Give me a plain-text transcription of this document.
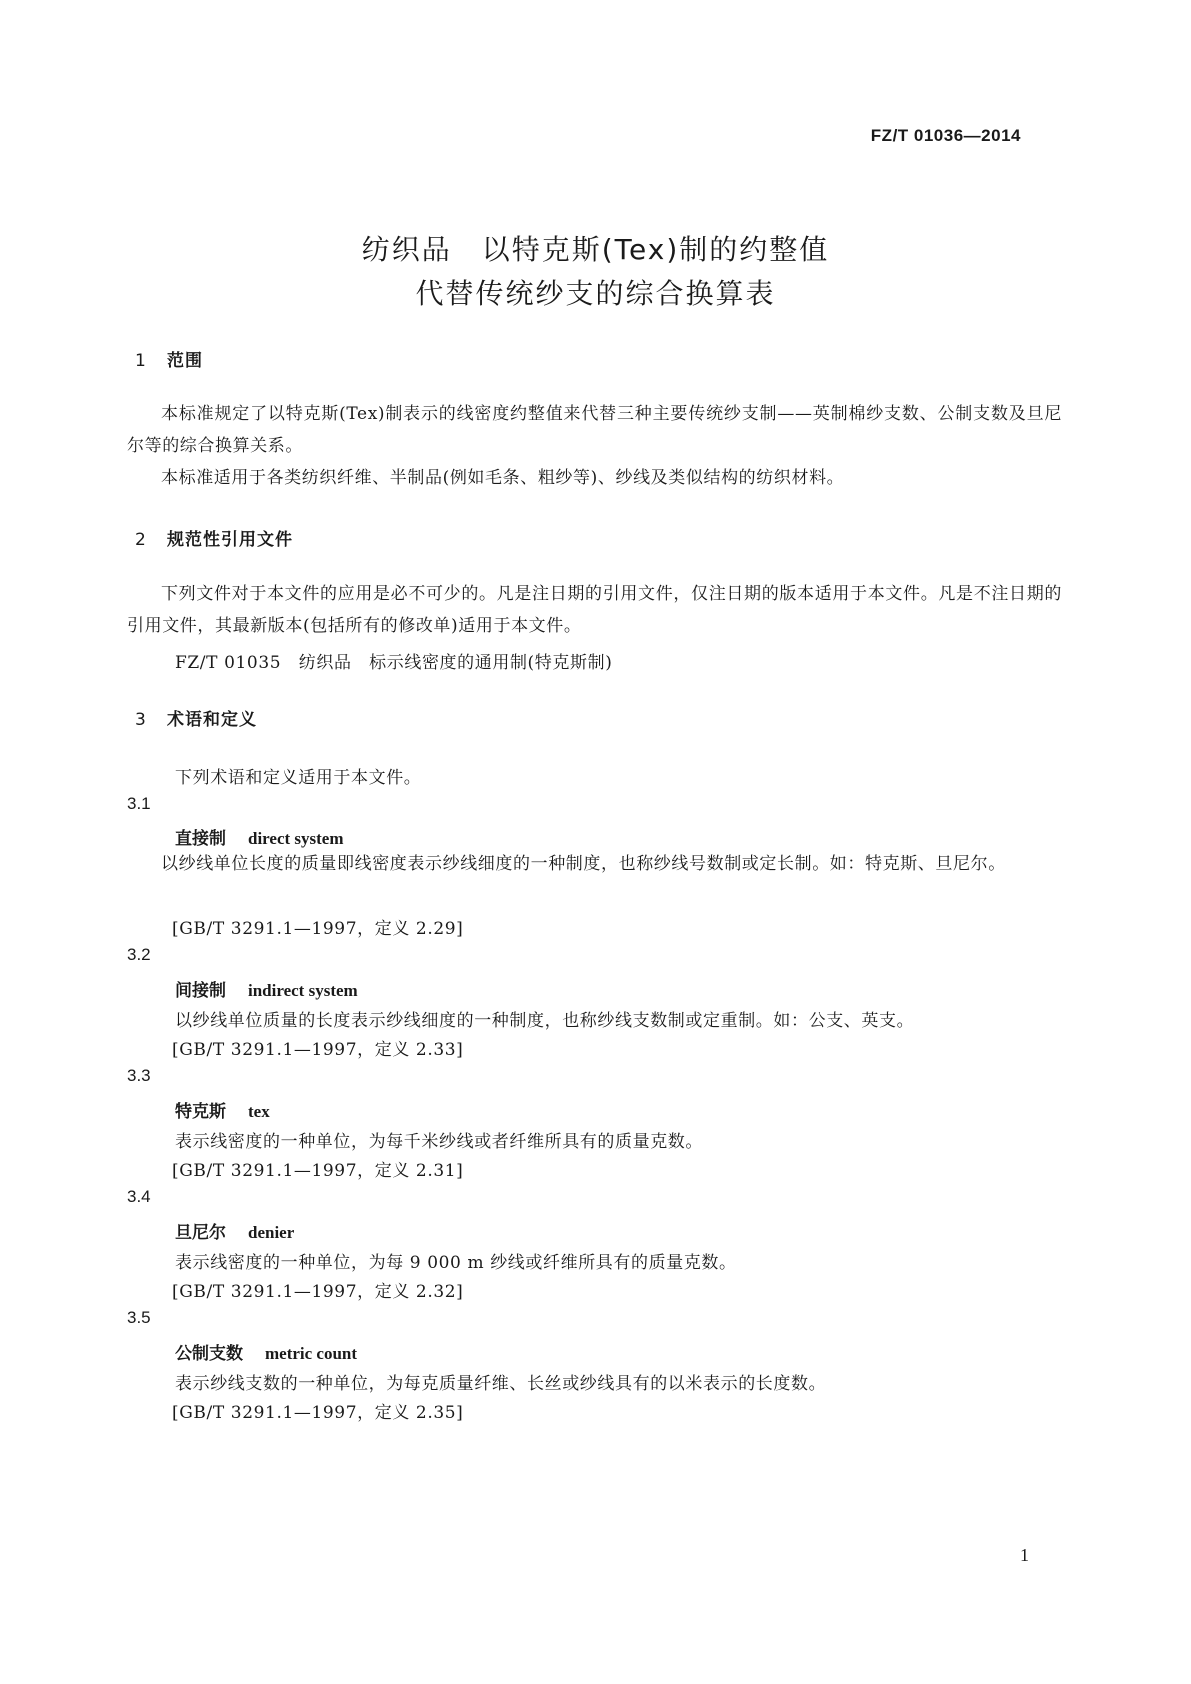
FZ/T 01036—2014
纺织品　以特克斯(Tex)制的约整值
代替传统纱支的综合换算表
1 范围
本标准规定了以特克斯(Tex)制表示的线密度约整值来代替三种主要传统纱支制——英制棉纱支数、公制支数及旦尼尔等的综合换算关系。
本标准适用于各类纺织纤维、半制品(例如毛条、粗纱等)、纱线及类似结构的纺织材料。
2 规范性引用文件
下列文件对于本文件的应用是必不可少的。凡是注日期的引用文件，仅注日期的版本适用于本文件。凡是不注日期的引用文件，其最新版本(包括所有的修改单)适用于本文件。
FZ/T 01035　纺织品　标示线密度的通用制(特克斯制)
3 术语和定义
下列术语和定义适用于本文件。
3.1
直接制 direct system
以纱线单位长度的质量即线密度表示纱线细度的一种制度，也称纱线号数制或定长制。如：特克斯、旦尼尔。
[GB/T 3291.1—1997，定义 2.29]
3.2
间接制 indirect system
以纱线单位质量的长度表示纱线细度的一种制度，也称纱线支数制或定重制。如：公支、英支。
[GB/T 3291.1—1997，定义 2.33]
3.3
特克斯 tex
表示线密度的一种单位，为每千米纱线或者纤维所具有的质量克数。
[GB/T 3291.1—1997，定义 2.31]
3.4
旦尼尔 denier
表示线密度的一种单位，为每 9 000 m 纱线或纤维所具有的质量克数。
[GB/T 3291.1—1997，定义 2.32]
3.5
公制支数 metric count
表示纱线支数的一种单位，为每克质量纤维、长丝或纱线具有的以米表示的长度数。
[GB/T 3291.1—1997，定义 2.35]
1
